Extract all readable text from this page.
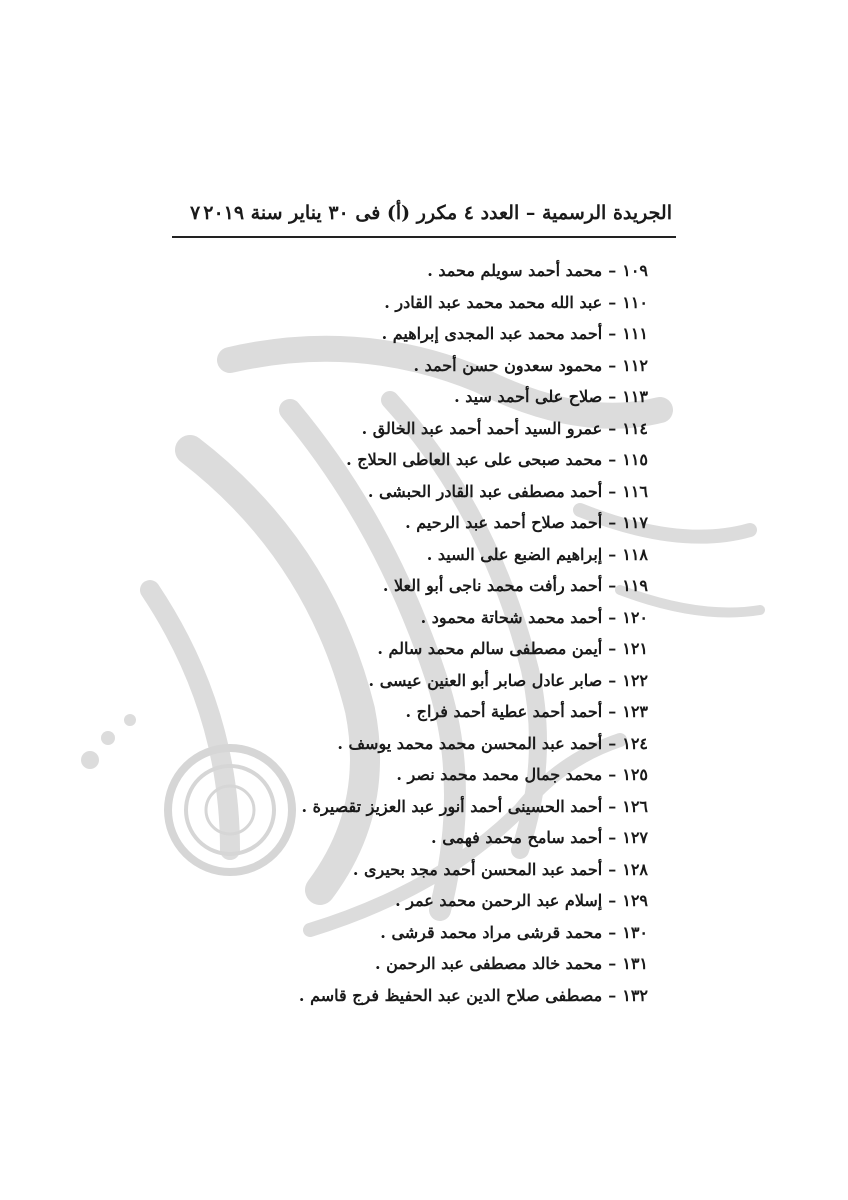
الجريدة الرسمية – العدد ٤ مكرر (أ) فى ٣٠ يناير سنة ٢٠١٩
٧
١٠٩–محمد أحمد سويلم محمد .
١١٠–عبد الله محمد محمد عبد القادر .
١١١–أحمد محمد عبد المجدى إبراهيم .
١١٢–محمود سعدون حسن أحمد .
١١٣–صلاح على أحمد سيد .
١١٤–عمرو السيد أحمد أحمد عبد الخالق .
١١٥–محمد صبحى على عبد العاطى الحلاج .
١١٦–أحمد مصطفى عبد القادر الحبشى .
١١٧–أحمد صلاح أحمد عبد الرحيم .
١١٨–إبراهيم الضبع على السيد .
١١٩–أحمد رأفت محمد ناجى أبو العلا .
١٢٠–أحمد محمد شحاتة محمود .
١٢١–أيمن مصطفى سالم محمد سالم .
١٢٢–صابر عادل صابر أبو العنين عيسى .
١٢٣–أحمد أحمد عطية أحمد فراج .
١٢٤–أحمد عبد المحسن محمد محمد يوسف .
١٢٥–محمد جمال محمد محمد نصر .
١٢٦–أحمد الحسينى أحمد أنور عبد العزيز تقصيرة .
١٢٧–أحمد سامح محمد فهمى .
١٢٨–أحمد عبد المحسن أحمد مجد بحيرى .
١٢٩–إسلام عبد الرحمن محمد عمر .
١٣٠–محمد قرشى مراد محمد قرشى .
١٣١–محمد خالد مصطفى عبد الرحمن .
١٣٢–مصطفى صلاح الدين عبد الحفيظ فرج قاسم .
